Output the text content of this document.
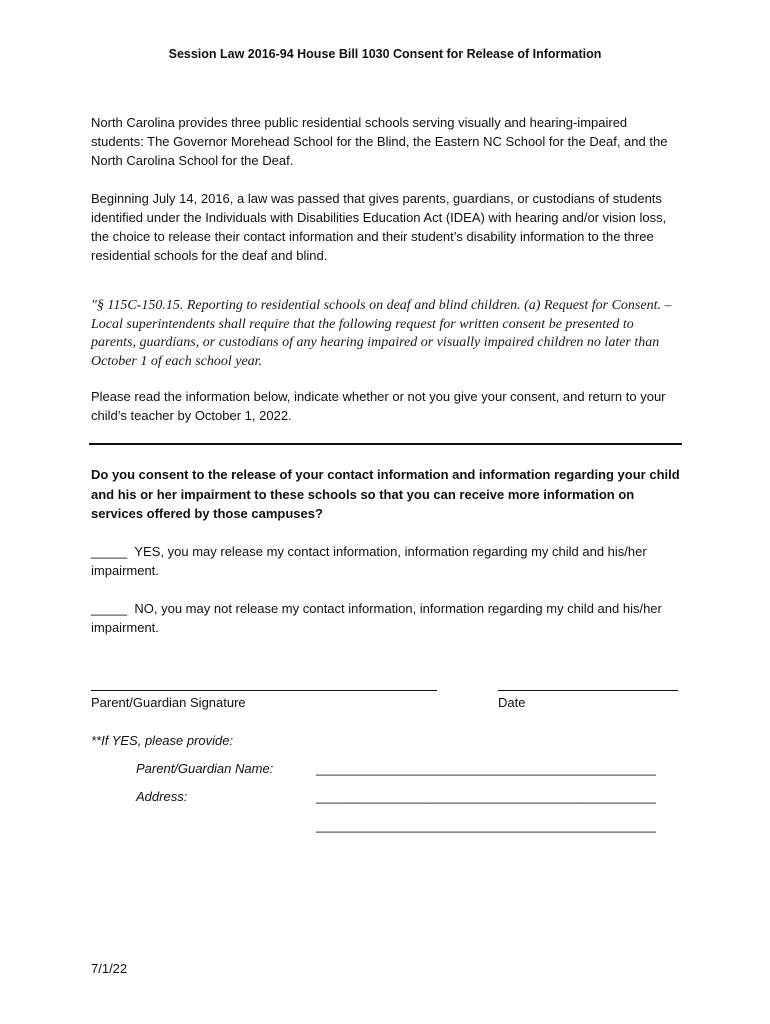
Session Law 2016-94 House Bill 1030 Consent for Release of Information
North Carolina provides three public residential schools serving visually and hearing-impaired students: The Governor Morehead School for the Blind, the Eastern NC School for the Deaf, and the North Carolina School for the Deaf.
Beginning July 14, 2016, a law was passed that gives parents, guardians, or custodians of students identified under the Individuals with Disabilities Education Act (IDEA) with hearing and/or vision loss, the choice to release their contact information and their student’s disability information to the three residential schools for the deaf and blind.
"§ 115C-150.15. Reporting to residential schools on deaf and blind children. (a) Request for Consent. – Local superintendents shall require that the following request for written consent be presented to parents, guardians, or custodians of any hearing impaired or visually impaired children no later than October 1 of each school year.
Please read the information below, indicate whether or not you give your consent, and return to your child’s teacher by October 1, 2022.
Do you consent to the release of your contact information and information regarding your child and his or her impairment to these schools so that you can receive more information on services offered by those campuses?
_____ YES, you may release my contact information, information regarding my child and his/her impairment.
_____ NO, you may not release my contact information, information regarding my child and his/her impairment.
Parent/Guardian Signature	Date
**If YES, please provide:
Parent/Guardian Name:	_______________________________________________
Address:	_______________________________________________
_______________________________________________
7/1/22
